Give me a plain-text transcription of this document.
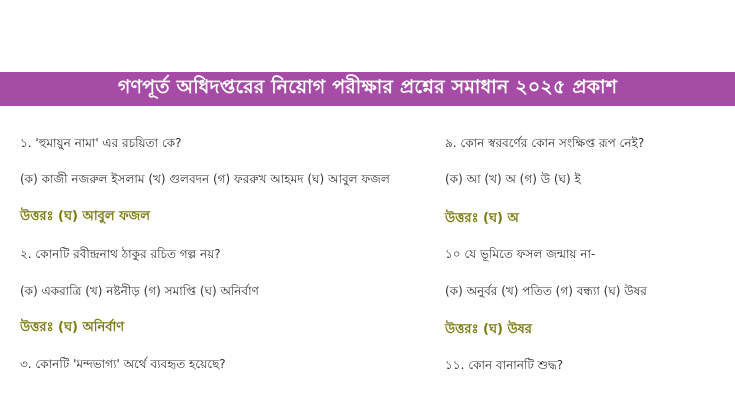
গণপূর্ত অধিদপ্তরের নিয়োগ পরীক্ষার প্রশ্নের সমাধান ২০২৫ প্রকাশ
১. 'হুমায়ুন নামা' এর রচয়িতা কে?
(ক) কাজী নজরুল ইসলাম (খ) গুলবদন (গ) ফররুখ আহমদ (ঘ) আবুল ফজল
উত্তরঃ (ঘ) আবুল ফজল
২. কোনটি রবীন্দ্রনাথ ঠাকুর রচিত গল্প নয়?
(ক) একরাত্রি (খ) নষ্টনীড় (গ) সমাপ্তি (ঘ) অনির্বাণ
উত্তরঃ (ঘ) অনির্বাণ
৩. কোনটি 'মন্দভাগ্য' অর্থে ব্যবহৃত হয়েছে?
৯. কোন স্বরবর্ণের কোন সংক্ষিপ্ত রূপ নেই?
(ক) আ (খ) অ (গ) উ (ঘ) ই
উত্তরঃ (ঘ) অ
১০ যে ভূমিতে ফসল জন্মায় না-
(ক) অনুর্বর (খ) পতিত (গ) বন্ধ্যা (ঘ) উষর
উত্তরঃ (ঘ) উষর
১১. কোন বানানটি শুদ্ধ?
